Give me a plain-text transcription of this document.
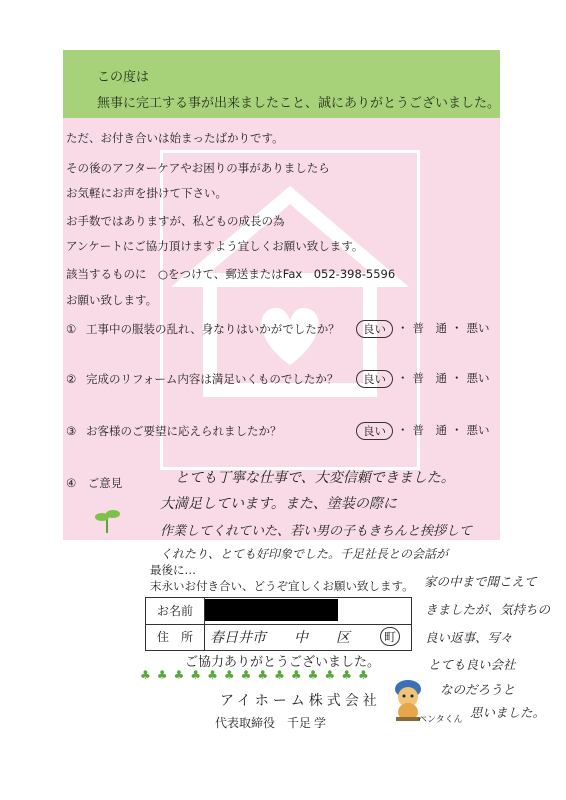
この度は
無事に完工する事が出来ましたこと、誠にありがとうございました。
ただ、お付き合いは始まったばかりです。
その後のアフターケアやお困りの事がありましたら
お気軽にお声を掛けて下さい。
お手数ではありますが、私どもの成長の為
アンケートにご協力頂けますよう宜しくお願い致します。
該当するものに　○をつけて、郵送またはFax　052-398-5596
お願い致します。
① 工事中の服装の乱れ、身なりはいかがでしたか？	良い ・ 普　通 ・ 悪い
② 完成のリフォーム内容は満足いくものでしたか？	良い ・ 普　通 ・ 悪い
③ お客様のご要望に応えられましたか？	良い ・ 普　通 ・ 悪い
④　ご意見	とても丁寧な仕事で、大変信頼できました。
大満足しています。また、塗装の際に
作業してくれていた、若い男の子もきちんと挨拶して
くれたり、とても好印象でした。千足社長との会話が
最後に…
末永いお付き合い、どうぞ宜しくお願い致します。 家の中まで聞こえて
きましたが、気持ちの
良い返事、写々
とても良い会社
なのだろうと
思いました。
お名前
住　所	春日井市　　中　　区	町
ご協力ありがとうございました。
♣ ♣ ♣ ♣ ♣ ♣ ♣ ♣ ♣ ♣ ♣ ♣ ♣ ♣
アイホーム株式会社
代表取締役　千足 学	ペンタくん
